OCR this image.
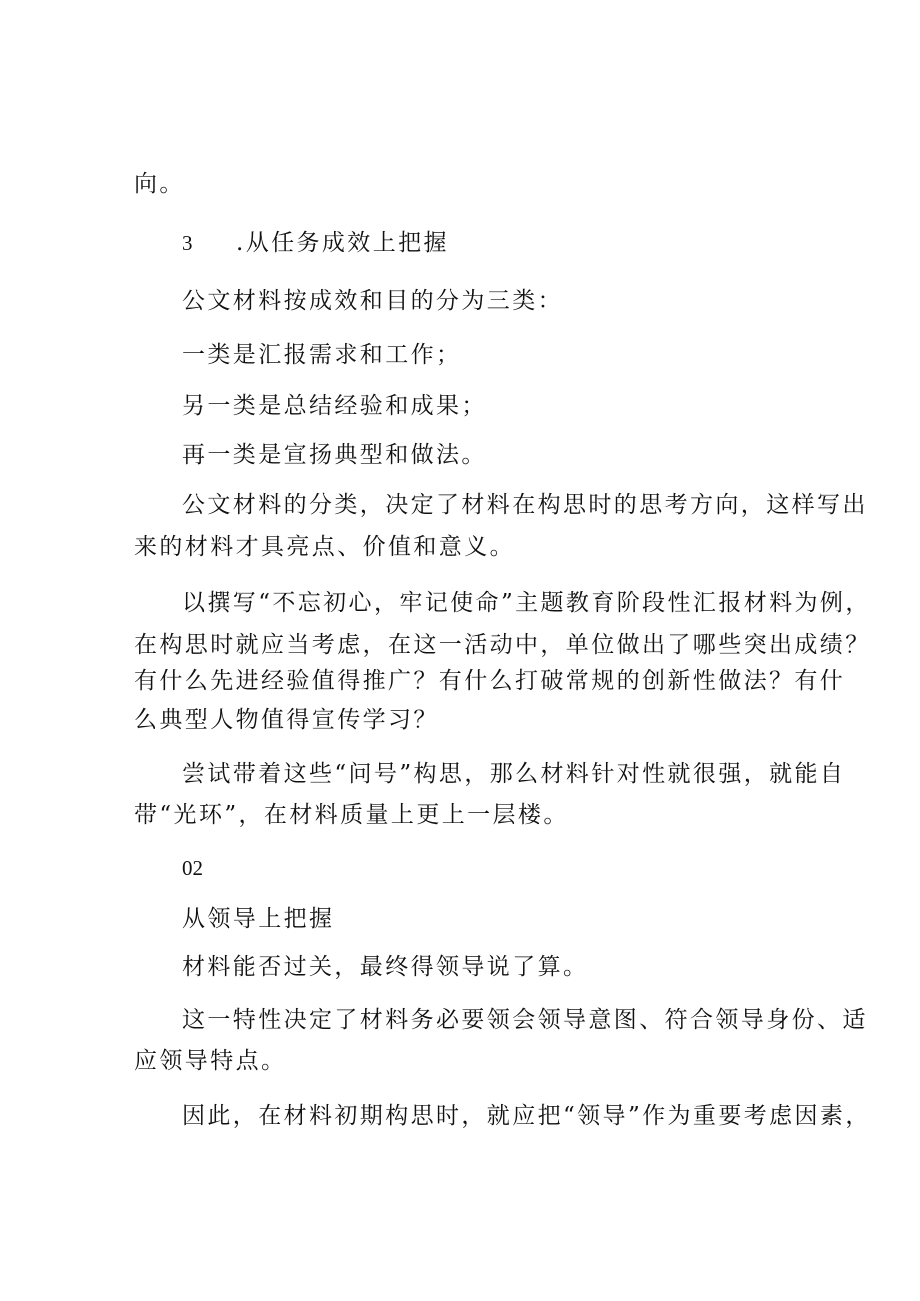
向。
3 .从任务成效上把握
公文材料按成效和目的分为三类：
一类是汇报需求和工作；
另一类是总结经验和成果；
再一类是宣扬典型和做法。
公文材料的分类，决定了材料在构思时的思考方向，这样写出
来的材料才具亮点、价值和意义。
以撰写“不忘初心，牢记使命”主题教育阶段性汇报材料为例，
在构思时就应当考虑，在这一活动中，单位做出了哪些突出成绩？
有什么先进经验值得推广？有什么打破常规的创新性做法？有什
么典型人物值得宣传学习？
尝试带着这些“问号”构思，那么材料针对性就很强，就能自
带“光环”，在材料质量上更上一层楼。
02
从领导上把握
材料能否过关，最终得领导说了算。
这一特性决定了材料务必要领会领导意图、符合领导身份、适
应领导特点。
因此，在材料初期构思时，就应把“领导”作为重要考虑因素，
